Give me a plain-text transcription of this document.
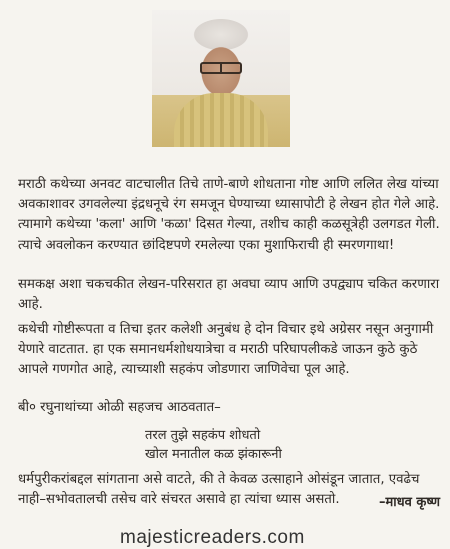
मराठी कथेच्या अनवट वाटचालीत तिचे ताणे-बाणे शोधताना गोष्ट आणि ललित लेख यांच्या अवकाशावर उगवलेल्या इंद्रधनूचे रंग समजून घेण्याच्या ध्यासापोटी हे लेखन होत गेले आहे. त्यामागे कथेच्या 'कला' आणि 'कळा' दिसत गेल्या, तशीच काही कळसूत्रेही उलगडत गेली. त्याचे अवलोकन करण्यात छांदिष्टपणे रमलेल्या एका मुशाफिराची ही स्मरणगाथा!

समकक्ष अशा चकचकीत लेखन-परिसरात हा अवघा व्याप आणि उपद्व्याप चकित करणारा आहे.

कथेची गोष्टीरूपता व तिचा इतर कलेशी अनुबंध हे दोन विचार इथे अग्रेसर नसून अनुगामी येणारे वाटतात. हा एक समानधर्मशोधयात्रेचा व मराठी परिघापलीकडे जाऊन कुठे कुठे आपले गणगोत आहे, त्याच्याशी सहकंप जोडणारा जाणिवेचा पूल आहे.

बी० रघुनाथांच्या ओळी सहजच आठवतात–

तरल तुझे सहकंप शोधतो

खोल मनातील कळ झंकारूनी

धर्मपुरीकरांबद्दल सांगताना असे वाटते, की ते केवळ उत्साहाने ओसंडून जातात, एवढेच नाही–सभोवतालची तसेच वारे संचरत असावे हा त्यांचा ध्यास असतो.	–माधव कृष्ण

majesticreaders.com
